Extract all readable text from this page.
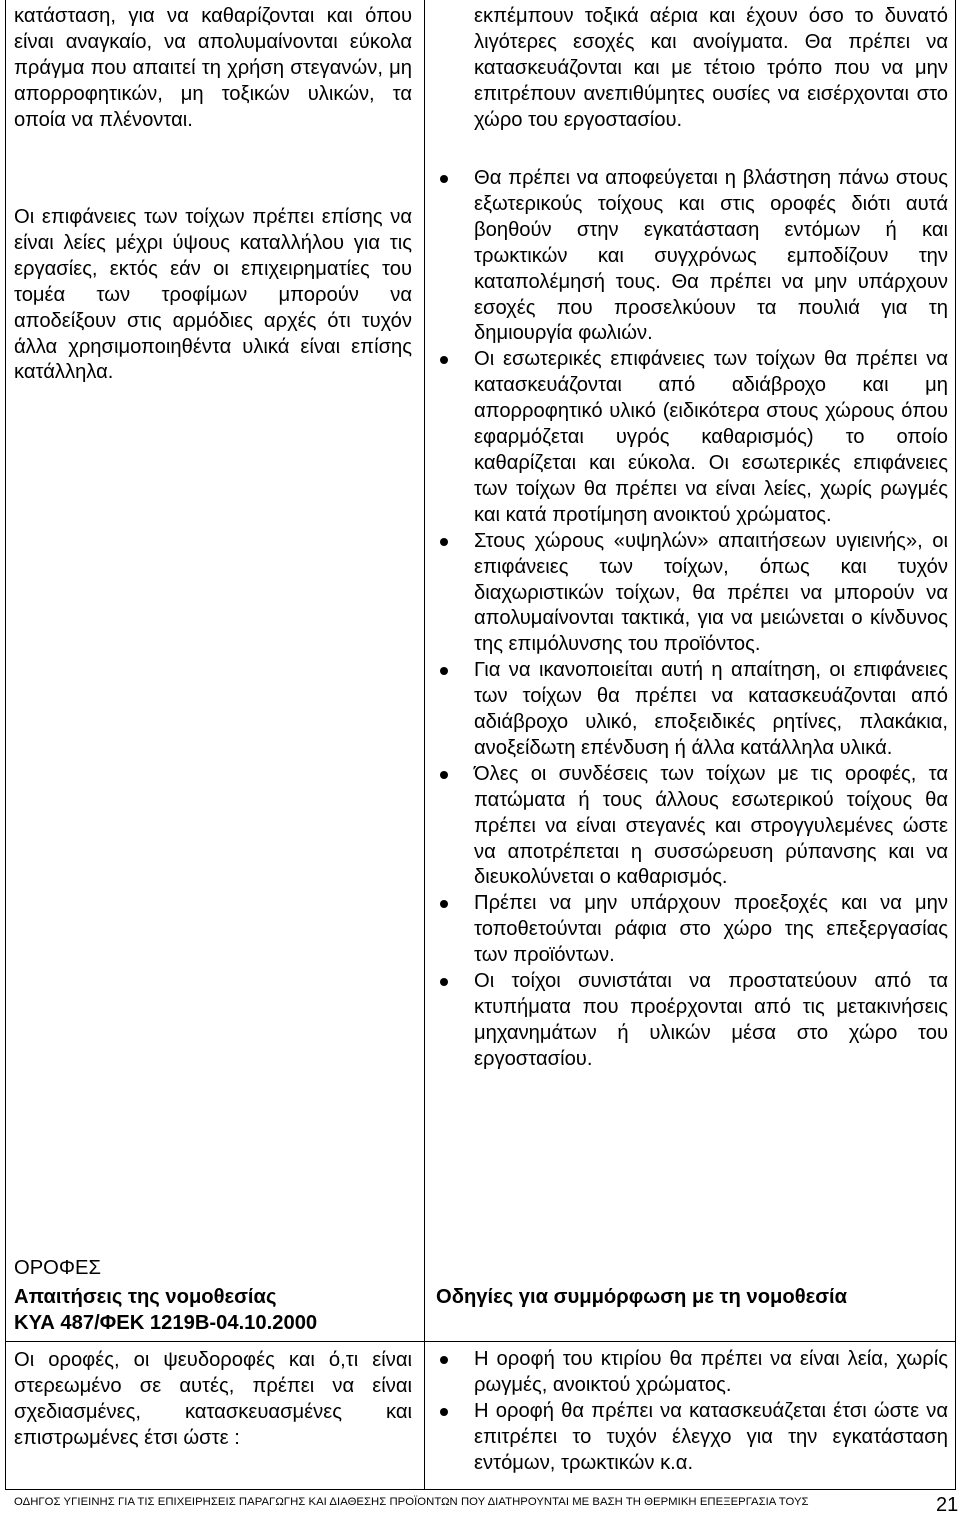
κατάσταση, για να καθαρίζονται και όπου είναι αναγκαίο, να απολυμαίνονται εύκολα πράγμα που απαιτεί τη χρήση στεγανών, μη απορροφητικών, μη τοξικών υλικών, τα οποία να πλένονται.

Οι επιφάνειες των τοίχων πρέπει επίσης να είναι λείες μέχρι ύψους καταλλήλου για τις εργασίες, εκτός εάν οι επιχειρηματίες του τομέα των τροφίμων μπορούν να αποδείξουν στις αρμόδιες αρχές ότι τυχόν άλλα χρησιμοποιηθέντα υλικά είναι επίσης κατάλληλα.

ΟΡΟΦΕΣ
Απαιτήσεις της νομοθεσίας
ΚΥΑ 487/ΦΕΚ 1219Β-04.10.2000

Οι οροφές, οι ψευδοροφές και ό,τι είναι στερεωμένο σε αυτές, πρέπει να είναι σχεδιασμένες, κατασκευασμένες και επιστρωμένες έτσι ώστε :

εκπέμπουν τοξικά αέρια και έχουν όσο το δυνατό λιγότερες εσοχές και ανοίγματα. Θα πρέπει να κατασκευάζονται και με τέτοιο τρόπο που να μην επιτρέπουν ανεπιθύμητες ουσίες να εισέρχονται στο χώρο του εργοστασίου.

Θα πρέπει να αποφεύγεται η βλάστηση πάνω στους εξωτερικούς τοίχους και στις οροφές διότι αυτά βοηθούν στην εγκατάσταση εντόμων ή και τρωκτικών και συγχρόνως εμποδίζουν την καταπολέμησή τους. Θα πρέπει να μην υπάρχουν εσοχές που προσελκύουν τα πουλιά για τη δημιουργία φωλιών.
Οι εσωτερικές επιφάνειες των τοίχων θα πρέπει να κατασκευάζονται από αδιάβροχο και μη απορροφητικό υλικό (ειδικότερα στους χώρους όπου εφαρμόζεται υγρός καθαρισμός) το οποίο καθαρίζεται και εύκολα. Οι εσωτερικές επιφάνειες των τοίχων θα πρέπει να είναι λείες, χωρίς ρωγμές και κατά προτίμηση ανοικτού χρώματος.
Στους χώρους «υψηλών» απαιτήσεων υγιεινής», οι επιφάνειες των τοίχων, όπως και τυχόν διαχωριστικών τοίχων, θα πρέπει να μπορούν να απολυμαίνονται τακτικά, για να μειώνεται ο κίνδυνος της επιμόλυνσης του προϊόντος.
Για να ικανοποιείται αυτή η απαίτηση, οι επιφάνειες των τοίχων θα πρέπει να κατασκευάζονται από αδιάβροχο υλικό, εποξειδικές ρητίνες, πλακάκια, ανοξείδωτη επένδυση ή άλλα κατάλληλα υλικά.
Όλες οι συνδέσεις των τοίχων με τις οροφές, τα πατώματα ή τους άλλους εσωτερικού τοίχους θα πρέπει να είναι στεγανές και στρογγυλεμένες ώστε να αποτρέπεται η συσσώρευση ρύπανσης και να διευκολύνεται ο καθαρισμός.
Πρέπει να μην υπάρχουν προεξοχές και να μην τοποθετούνται ράφια στο χώρο της επεξεργασίας των προϊόντων.
Οι τοίχοι συνιστάται να προστατεύουν από τα κτυπήματα που προέρχονται από τις μετακινήσεις μηχανημάτων ή υλικών μέσα στο χώρο του εργοστασίου.
Οδηγίες για συμμόρφωση με τη νομοθεσία
Η οροφή του κτιρίου θα πρέπει να είναι λεία, χωρίς ρωγμές, ανοικτού χρώματος.
Η οροφή θα πρέπει να κατασκευάζεται έτσι ώστε να επιτρέπει το τυχόν έλεγχο για την εγκατάσταση εντόμων, τρωκτικών κ.α.
ΟΔΗΓΟΣ ΥΓΙΕΙΝΗΣ ΓΙΑ ΤΙΣ ΕΠΙΧΕΙΡΗΣΕΙΣ ΠΑΡΑΓΩΓΗΣ ΚΑΙ ΔΙΑΘΕΣΗΣ ΠΡΟΪΟΝΤΩΝ ΠΟΥ ΔΙΑΤΗΡΟΥΝΤΑΙ ΜΕ ΒΑΣΗ ΤΗ ΘΕΡΜΙΚΗ ΕΠΕΞΕΡΓΑΣΙΑ ΤΟΥΣ	21
